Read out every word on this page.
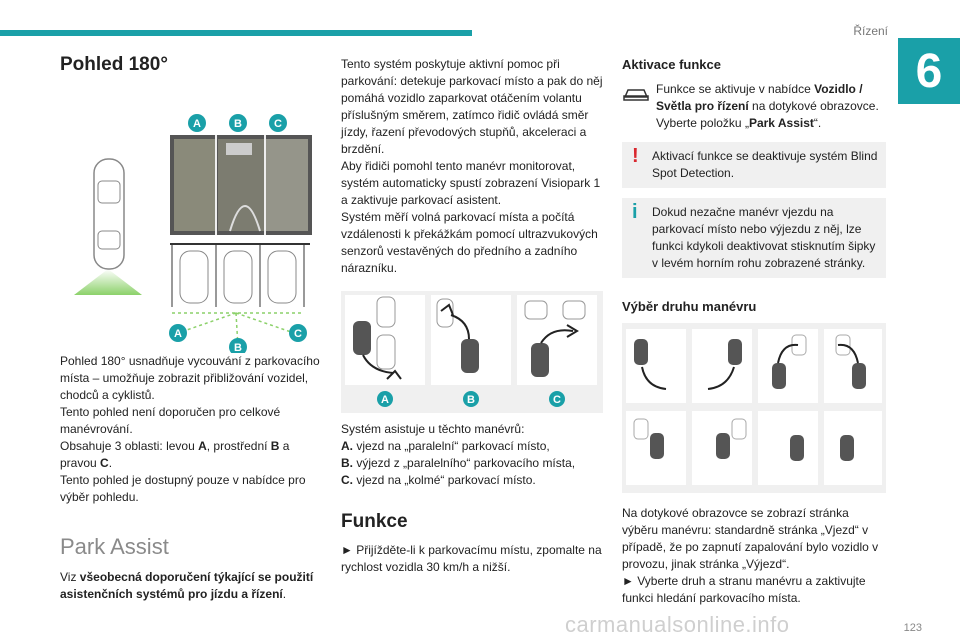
Řízení
6
Pohled 180°
A	B	C
A
B
C

Pohled 180° usnadňuje vycouvání z parkovacího místa – umožňuje zobrazit přibližování vozidel, chodců a cyklistů.
Tento pohled není doporučen pro celkové manévrování.
Obsahuje 3 oblasti: levou A, prostřední B a pravou C.
Tento pohled je dostupný pouze v nabídce pro výběr pohledu.

Park Assist

Viz všeobecná doporučení týkající se použití asistenčních systémů pro jízdu a řízení.

Tento systém poskytuje aktivní pomoc při parkování: detekuje parkovací místo a pak do něj pomáhá vozidlo zaparkovat otáčením volantu příslušným směrem, zatímco řidič ovládá směr jízdy, řazení převodových stupňů, akceleraci a brzdění.
Aby řidiči pomohl tento manévr monitorovat, systém automaticky spustí zobrazení Visiopark 1 a zaktivuje parkovací asistent.
Systém měří volná parkovací místa a počítá vzdálenosti k překážkám pomocí ultrazvukových senzorů vestavěných do předního a zadního nárazníku.

A	B	C

Systém asistuje u těchto manévrů:
A. vjezd na „paralelní“ parkovací místo,
B. výjezd z „paralelního“ parkovacího místa,
C. vjezd na „kolmé“ parkovací místo.

Funkce

► Přijížděte-li k parkovacímu místu, zpomalte na rychlost vozidla 30 km/h a nižší.

Aktivace funkce
Funkce se aktivuje v nabídce Vozidlo / Světla pro řízení na dotykové obrazovce. Vyberte položku „Park Assist“.
! Aktivací funkce se deaktivuje systém Blind Spot Detection.
i Dokud nezačne manévr vjezdu na parkovací místo nebo výjezdu z něj, lze funkci kdykoli deaktivovat stisknutím šipky v levém horním rohu zobrazené stránky.
Výběr druhu manévru

Na dotykové obrazovce se zobrazí stránka výběru manévru: standardně stránka „Vjezd“ v případě, že po zapnutí zapalování bylo vozidlo v provozu, jinak stránka „Výjezd“.
► Vyberte druh a stranu manévru a zaktivujte funkci hledání parkovacího místa.

carmanualsonline.info	123
